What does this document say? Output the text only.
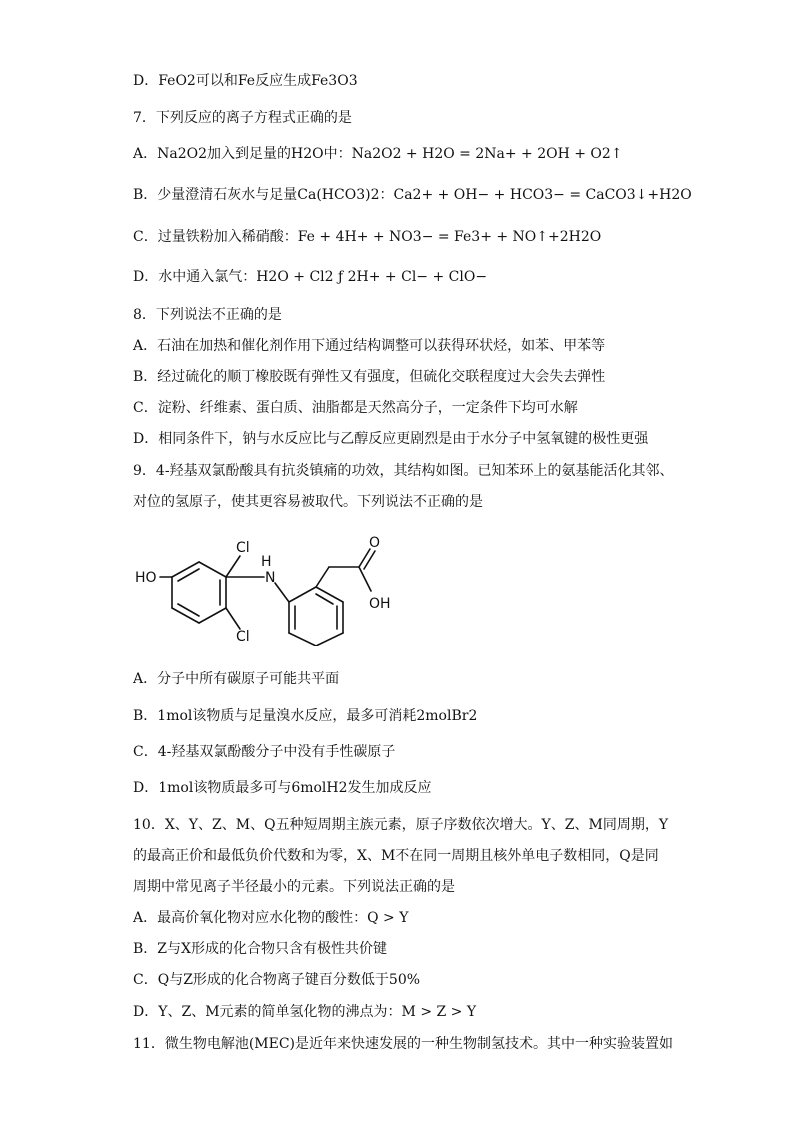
D．FeO2可以和Fe反应生成Fe3O3
7．下列反应的离子方程式正确的是
A．Na2O2加入到足量的H2O中：Na2O2 + H2O = 2Na+ + 2OH + O2↑
B．少量澄清石灰水与足量Ca(HCO3)2：Ca2+ + OH− + HCO3− = CaCO3↓+H2O
C．过量铁粉加入稀硝酸：Fe + 4H+ + NO3− = Fe3+ + NO↑+2H2O
D．水中通入氯气：H2O + Cl2 ƒ 2H+ + Cl− + ClO−
8．下列说法不正确的是
A．石油在加热和催化剂作用下通过结构调整可以获得环状烃，如苯、甲苯等
B．经过硫化的顺丁橡胶既有弹性又有强度，但硫化交联程度过大会失去弹性
C．淀粉、纤维素、蛋白质、油脂都是天然高分子，一定条件下均可水解
D．相同条件下，钠与水反应比与乙醇反应更剧烈是由于水分子中氢氧键的极性更强
9．4-羟基双氯酚酸具有抗炎镇痛的功效，其结构如图。已知苯环上的氨基能活化其邻、
对位的氢原子，使其更容易被取代。下列说法不正确的是
HO
Cl
Cl
N
H
O
OH
A．分子中所有碳原子可能共平面
B．1mol该物质与足量溴水反应，最多可消耗2molBr2
C．4-羟基双氯酚酸分子中没有手性碳原子
D．1mol该物质最多可与6molH2发生加成反应
10．X、Y、Z、M、Q五种短周期主族元素，原子序数依次增大。Y、Z、M同周期，Y
的最高正价和最低负价代数和为零，X、M不在同一周期且核外单电子数相同，Q是同
周期中常见离子半径最小的元素。下列说法正确的是
A．最高价氧化物对应水化物的酸性：Q > Y
B．Z与X形成的化合物只含有极性共价键
C．Q与Z形成的化合物离子键百分数低于50%
D．Y、Z、M元素的简单氢化物的沸点为：M > Z > Y
11．微生物电解池(MEC)是近年来快速发展的一种生物制氢技术。其中一种实验装置如
